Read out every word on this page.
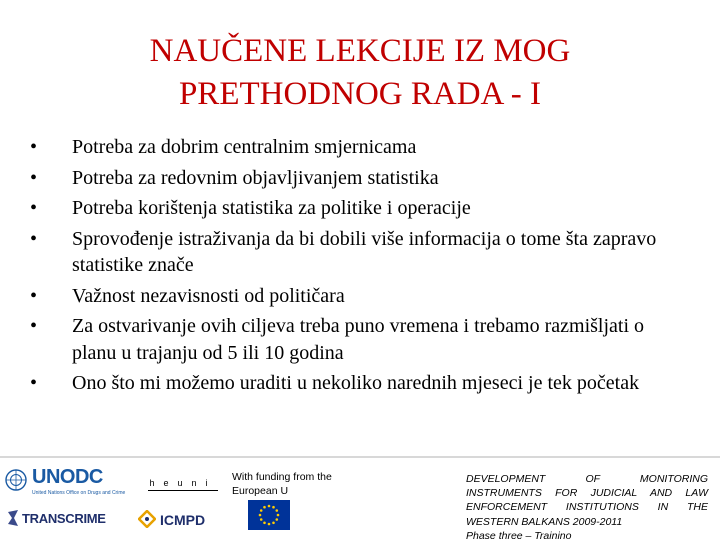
NAUČENE LEKCIJE IZ MOG
PRETHODNOG RADA - I
• Potreba za dobrim centralnim smjernicama
• Potreba za redovnim objavljivanjem statistika
• Potreba korištenja statistika za politike i operacije
• Sprovođenje istraživanja da bi dobili više informacija o tome šta zapravo statistike znače
• Važnost nezavisnosti od političara
• Za ostvarivanje ovih ciljeva treba puno vremena i trebamo razmišljati o planu u trajanju od 5 ili 10 godina
• Ono što mi možemo uraditi u nekoliko narednih mjeseci je tek početak
UNODC
United Nations Office on Drugs and Crime
heuni
TRANSCRIME	ICMPD
With funding from the European U
DEVELOPMENT OF MONITORING
INSTRUMENTS FOR JUDICIAL AND LAW
ENFORCEMENT INSTITUTIONS IN THE
WESTERN BALKANS 2009-2011
Phase three – Trainino
